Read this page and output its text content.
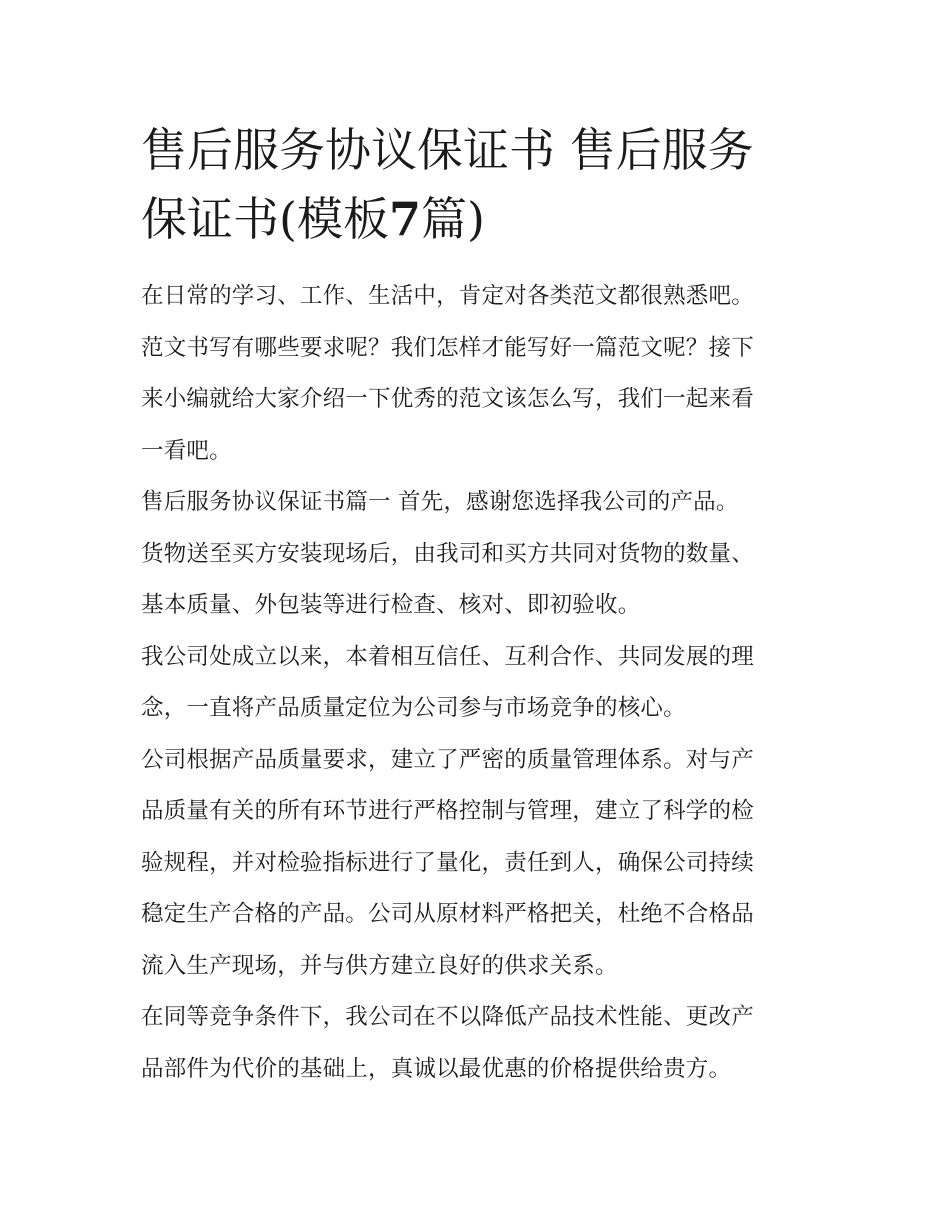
售后服务协议保证书 售后服务
保证书(模板7篇)
在日常的学习、工作、生活中，肯定对各类范文都很熟悉吧。
范文书写有哪些要求呢？我们怎样才能写好一篇范文呢？接下
来小编就给大家介绍一下优秀的范文该怎么写，我们一起来看
一看吧。
售后服务协议保证书篇一 首先，感谢您选择我公司的产品。
货物送至买方安装现场后，由我司和买方共同对货物的数量、
基本质量、外包装等进行检查、核对、即初验收。
我公司处成立以来，本着相互信任、互利合作、共同发展的理
念，一直将产品质量定位为公司参与市场竞争的核心。
公司根据产品质量要求，建立了严密的质量管理体系。对与产
品质量有关的所有环节进行严格控制与管理，建立了科学的检
验规程，并对检验指标进行了量化，责任到人，确保公司持续
稳定生产合格的产品。公司从原材料严格把关，杜绝不合格品
流入生产现场，并与供方建立良好的供求关系。
在同等竞争条件下，我公司在不以降低产品技术性能、更改产
品部件为代价的基础上，真诚以最优惠的价格提供给贵方。
